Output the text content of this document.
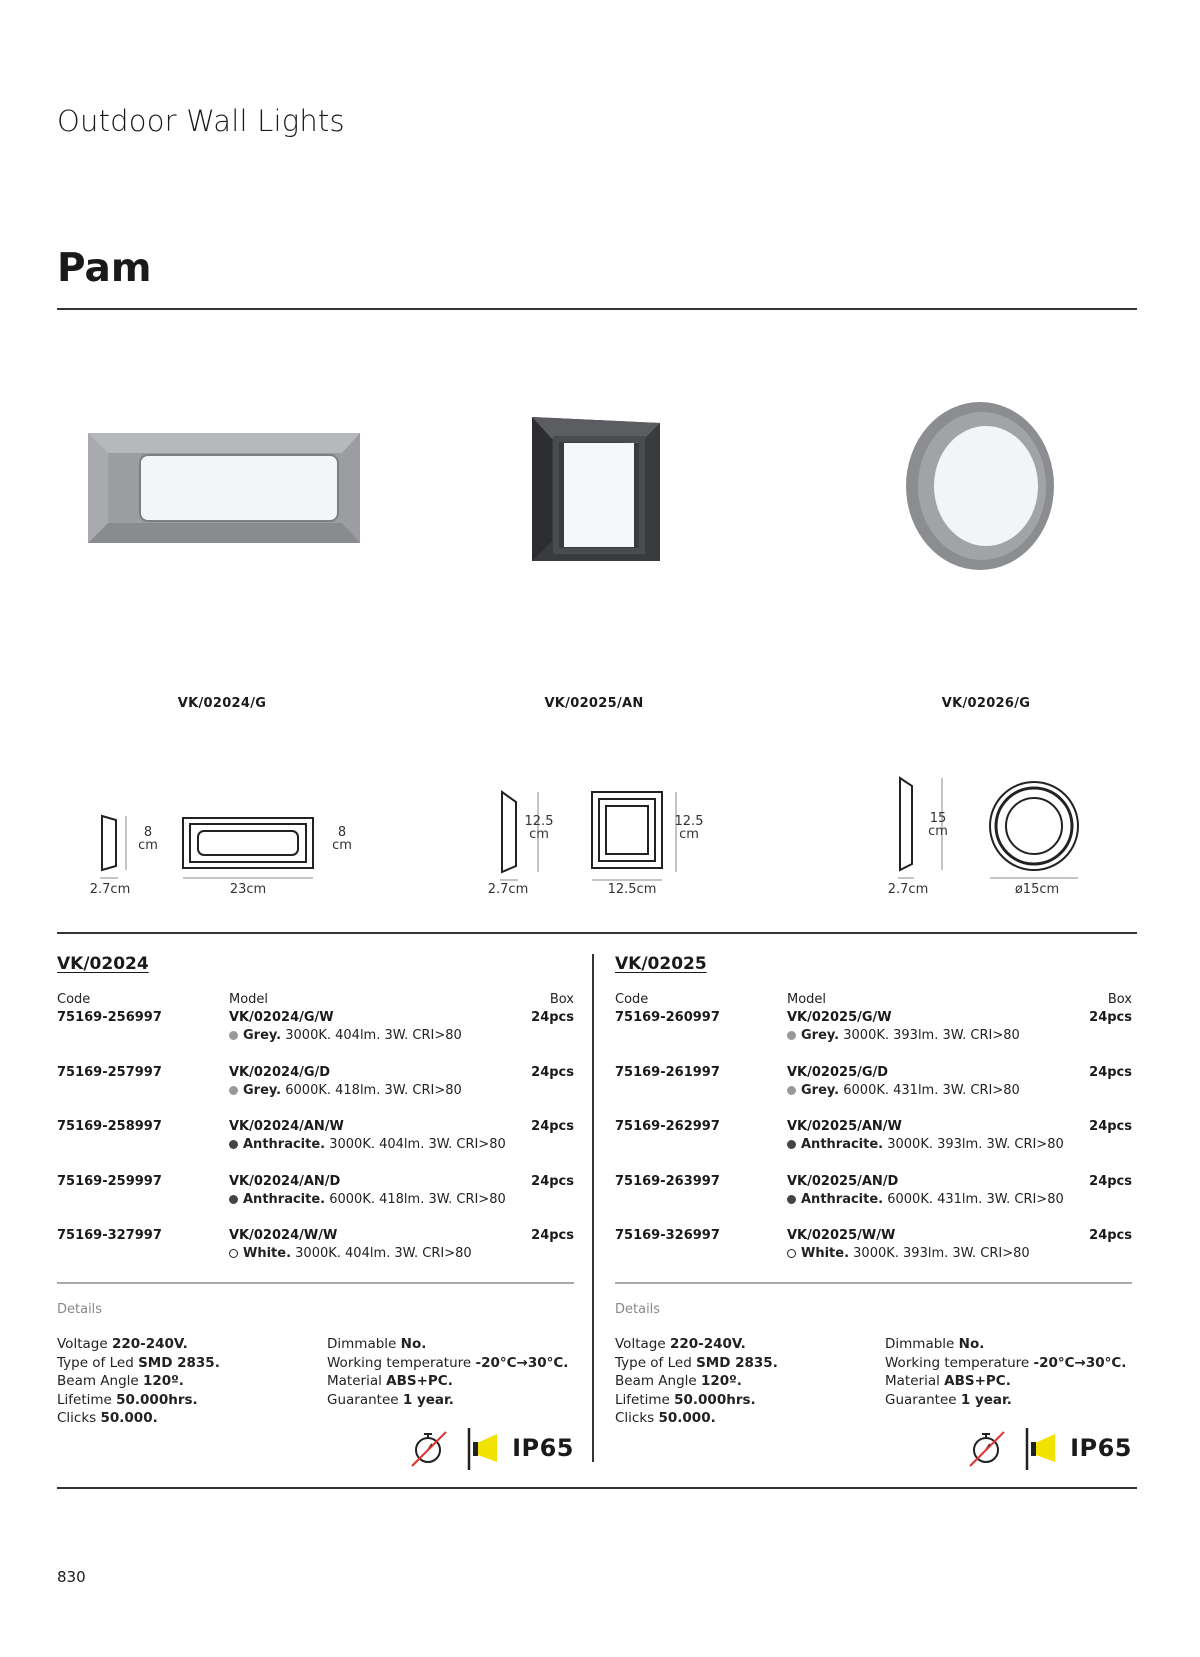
Outdoor Wall Lights
Pam
VK/02024/G	VK/02025/AN	VK/02026/G
8
cm
2.7cm
8
cm
23cm
12.5
cm
2.7cm
12.5
cm
12.5cm
15
cm
2.7cm	ø15cm
VK/02024
Code	Model	Box
75169-256997	VK/02024/G/W	24pcs
Grey. 3000K. 404lm. 3W. CRI>80
75169-257997	VK/02024/G/D	24pcs
Grey. 6000K. 418lm. 3W. CRI>80
75169-258997	VK/02024/AN/W	24pcs
Anthracite. 3000K. 404lm. 3W. CRI>80
75169-259997	VK/02024/AN/D	24pcs
Anthracite. 6000K. 418lm. 3W. CRI>80
75169-327997	VK/02024/W/W	24pcs
White. 3000K. 404lm. 3W. CRI>80
Details
Voltage 220-240V.
Type of Led SMD 2835.
Beam Angle 120º.
Lifetime 50.000hrs.
Clicks 50.000.
Dimmable No.
Working temperature -20°C→30°C.
Material ABS+PC.
Guarantee 1 year.
IP65
VK/02025
Code	Model	Box
75169-260997	VK/02025/G/W	24pcs
Grey. 3000K. 393lm. 3W. CRI>80
75169-261997	VK/02025/G/D	24pcs
Grey. 6000K. 431lm. 3W. CRI>80
75169-262997	VK/02025/AN/W	24pcs
Anthracite. 3000K. 393lm. 3W. CRI>80
75169-263997	VK/02025/AN/D	24pcs
Anthracite. 6000K. 431lm. 3W. CRI>80
75169-326997	VK/02025/W/W	24pcs
White. 3000K. 393lm. 3W. CRI>80
Details
Voltage 220-240V.
Type of Led SMD 2835.
Beam Angle 120º.
Lifetime 50.000hrs.
Clicks 50.000.
Dimmable No.
Working temperature -20°C→30°C.
Material ABS+PC.
Guarantee 1 year.
IP65
830
